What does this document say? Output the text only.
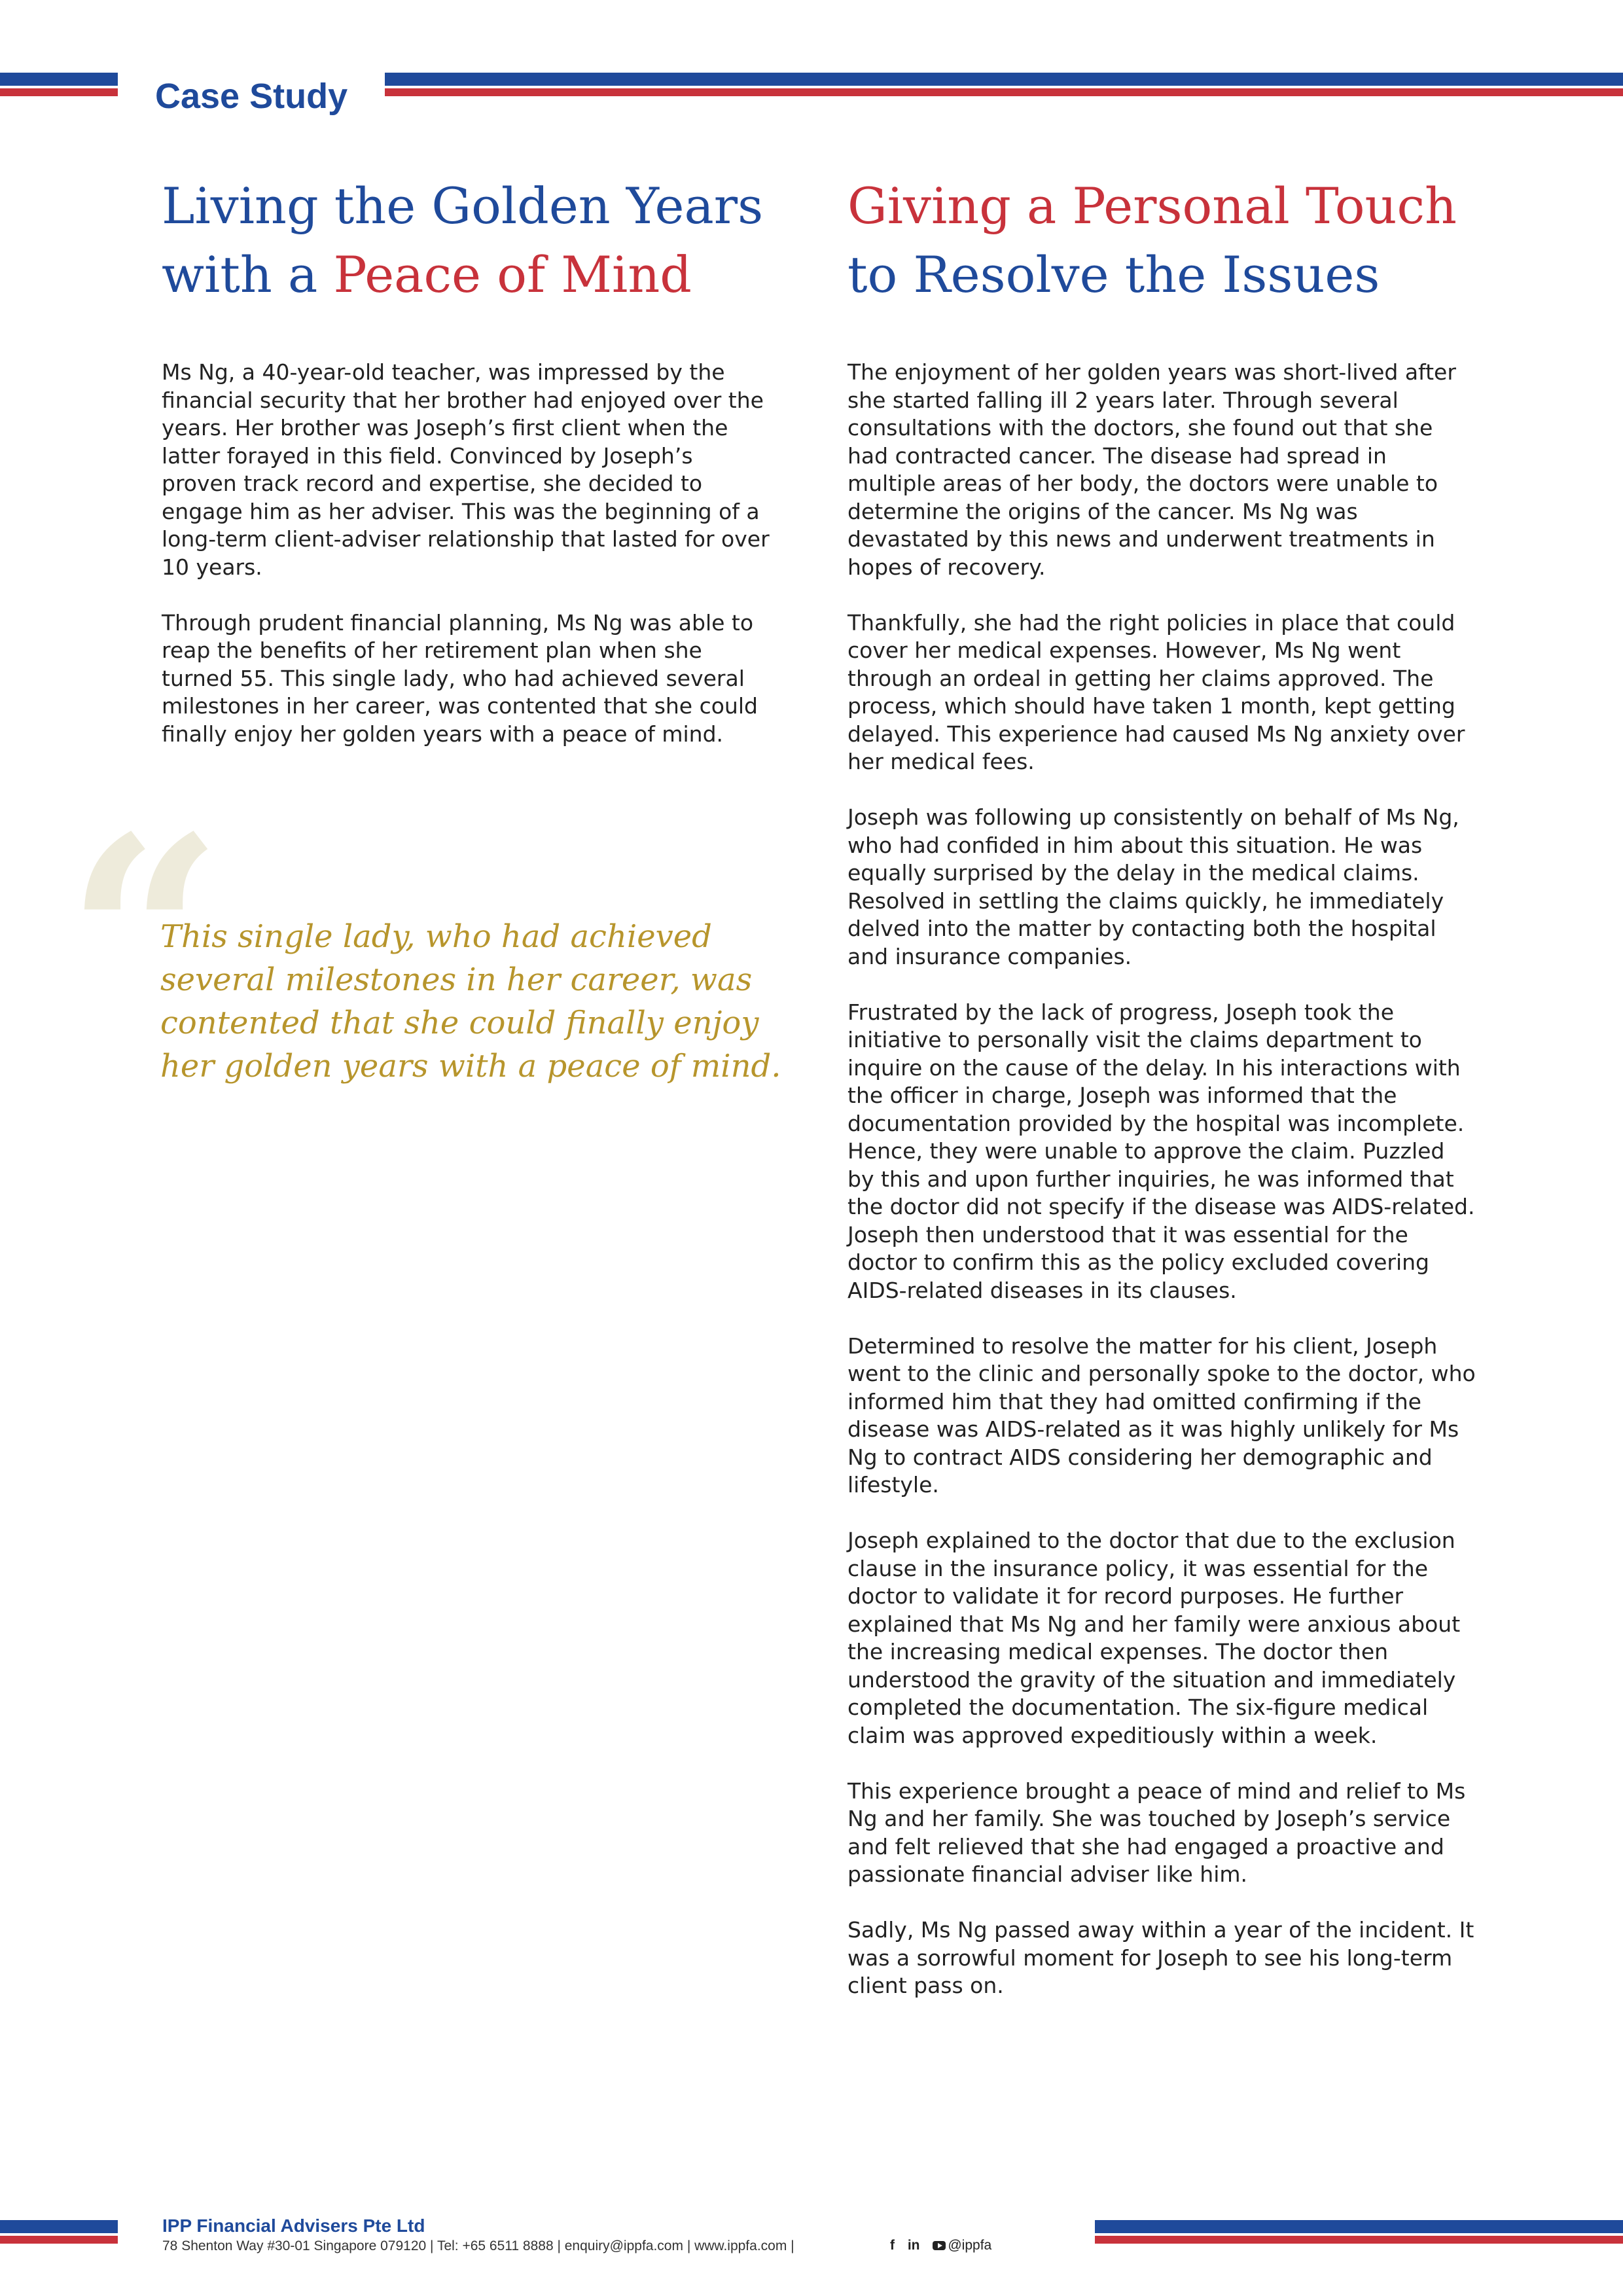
Case Study
Living the Golden Years
with a Peace of Mind
Giving a Personal Touch
to Resolve the Issues

Ms Ng, a 40-year-old teacher, was impressed by the financial security that her brother had enjoyed over the years. Her brother was Joseph’s first client when the latter forayed in this field. Convinced by Joseph’s proven track record and expertise, she decided to engage him as her adviser. This was the beginning of a long-term client-adviser relationship that lasted for over 10 years.

Through prudent financial planning, Ms Ng was able to reap the benefits of her retirement plan when she turned 55. This single lady, who had achieved several milestones in her career, was contented that she could finally enjoy her golden years with a peace of mind.

“

This single lady, who had achieved several milestones in her career, was contented that she could finally enjoy her golden years with a peace of mind.

The enjoyment of her golden years was short-lived after she started falling ill 2 years later. Through several consultations with the doctors, she found out that she had contracted cancer. The disease had spread in multiple areas of her body, the doctors were unable to determine the origins of the cancer. Ms Ng was devastated by this news and underwent treatments in hopes of recovery.

Thankfully, she had the right policies in place that could cover her medical expenses. However, Ms Ng went through an ordeal in getting her claims approved. The process, which should have taken 1 month, kept getting delayed. This experience had caused Ms Ng anxiety over her medical fees.

Joseph was following up consistently on behalf of Ms Ng, who had confided in him about this situation. He was equally surprised by the delay in the medical claims. Resolved in settling the claims quickly, he immediately delved into the matter by contacting both the hospital and insurance companies.

Frustrated by the lack of progress, Joseph took the initiative to personally visit the claims department to inquire on the cause of the delay. In his interactions with the officer in charge, Joseph was informed that the documentation provided by the hospital was incomplete. Hence, they were unable to approve the claim. Puzzled by this and upon further inquiries, he was informed that the doctor did not specify if the disease was AIDS-related. Joseph then understood that it was essential for the doctor to confirm this as the policy excluded covering AIDS-related diseases in its clauses.

Determined to resolve the matter for his client, Joseph went to the clinic and personally spoke to the doctor, who informed him that they had omitted confirming if the disease was AIDS-related as it was highly unlikely for Ms Ng to contract AIDS considering her demographic and lifestyle.

Joseph explained to the doctor that due to the exclusion clause in the insurance policy, it was essential for the doctor to validate it for record purposes. He further explained that Ms Ng and her family were anxious about the increasing medical expenses. The doctor then understood the gravity of the situation and immediately completed the documentation. The six-figure medical claim was approved expeditiously within a week.

This experience brought a peace of mind and relief to Ms Ng and her family. She was touched by Joseph’s service and felt relieved that she had engaged a proactive and passionate financial adviser like him.

Sadly, Ms Ng passed away within a year of the incident. It was a sorrowful moment for Joseph to see his long-term client pass on.

IPP Financial Advisers Pte Ltd
78 Shenton Way #30-01 Singapore 079120 | Tel: +65 6511 8888 | enquiry@ippfa.com | www.ippfa.com |	f in @ippfa
